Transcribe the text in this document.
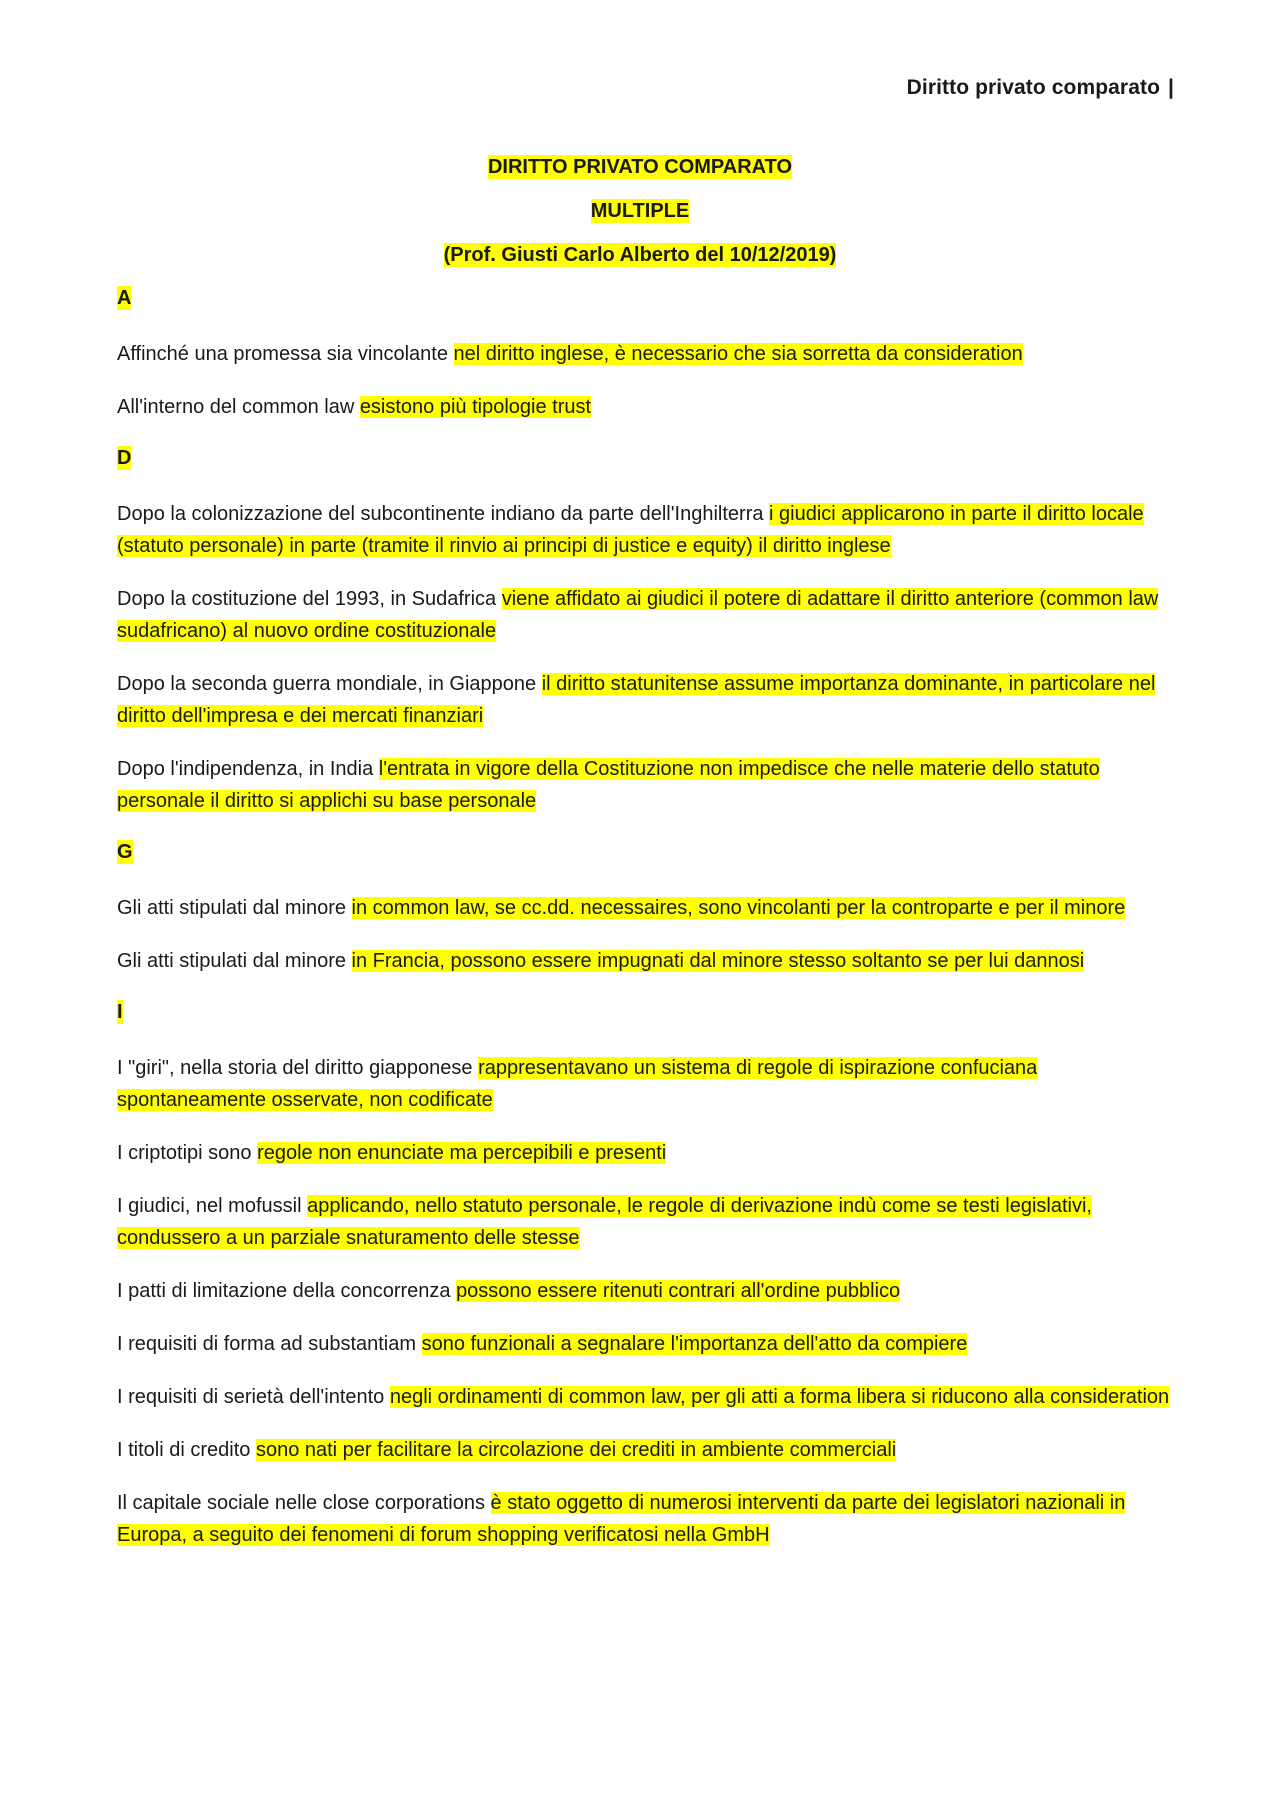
Diritto privato comparato |
DIRITTO PRIVATO COMPARATO
MULTIPLE
(Prof. Giusti Carlo Alberto del 10/12/2019)
A

Affinché una promessa sia vincolante nel diritto inglese, è necessario che sia sorretta da consideration

All'interno del common law esistono più tipologie trust

D

Dopo la colonizzazione del subcontinente indiano da parte dell'Inghilterra i giudici applicarono in parte il diritto locale (statuto personale) in parte (tramite il rinvio ai principi di justice e equity) il diritto inglese

Dopo la costituzione del 1993, in Sudafrica viene affidato ai giudici il potere di adattare il diritto anteriore (common law sudafricano) al nuovo ordine costituzionale

Dopo la seconda guerra mondiale, in Giappone il diritto statunitense assume importanza dominante, in particolare nel diritto dell'impresa e dei mercati finanziari

Dopo l'indipendenza, in India l'entrata in vigore della Costituzione non impedisce che nelle materie dello statuto personale il diritto si applichi su base personale

G

Gli atti stipulati dal minore in common law, se cc.dd. necessaires, sono vincolanti per la controparte e per il minore

Gli atti stipulati dal minore in Francia, possono essere impugnati dal minore stesso soltanto se per lui dannosi

I

I "giri", nella storia del diritto giapponese rappresentavano un sistema di regole di ispirazione confuciana spontaneamente osservate, non codificate

I criptotipi sono regole non enunciate ma percepibili e presenti

I giudici, nel mofussil applicando, nello statuto personale, le regole di derivazione indù come se testi legislativi, condussero a un parziale snaturamento delle stesse

I patti di limitazione della concorrenza possono essere ritenuti contrari all'ordine pubblico

I requisiti di forma ad substantiam sono funzionali a segnalare l'importanza dell'atto da compiere

I requisiti di serietà dell'intento negli ordinamenti di common law, per gli atti a forma libera si riducono alla consideration

I titoli di credito sono nati per facilitare la circolazione dei crediti in ambiente commerciali

Il capitale sociale nelle close corporations è stato oggetto di numerosi interventi da parte dei legislatori nazionali in Europa, a seguito dei fenomeni di forum shopping verificatosi nella GmbH
